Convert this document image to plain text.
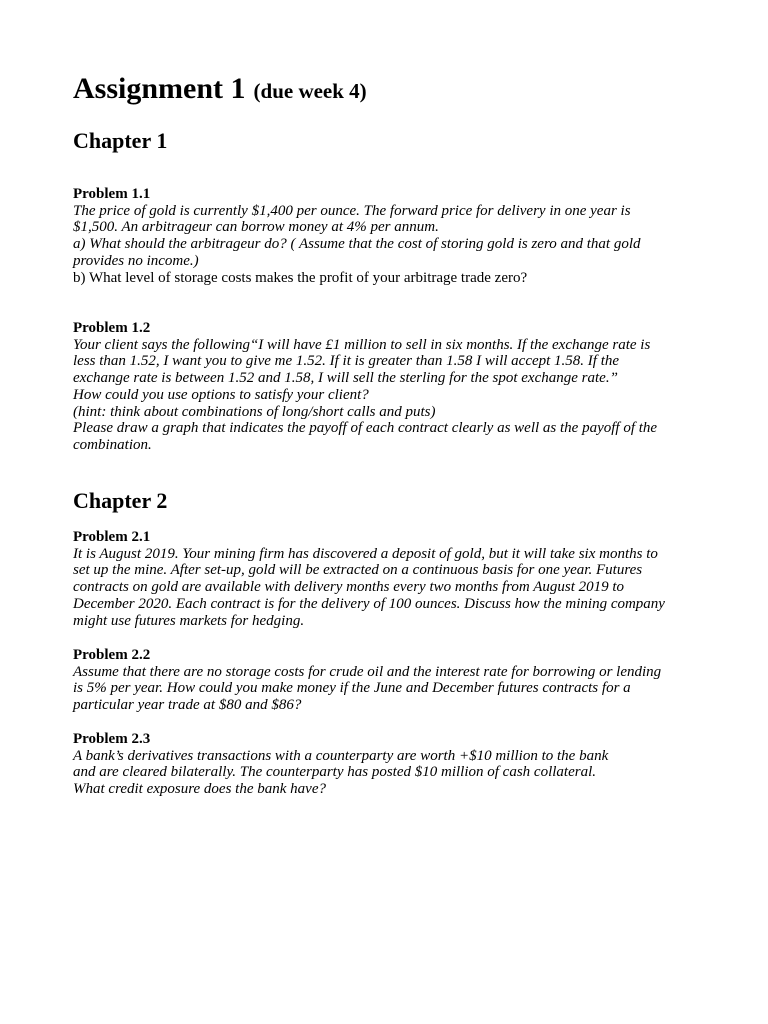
Assignment 1 (due week 4)
Chapter 1
Problem 1.1
The price of gold is currently $1,400 per ounce. The forward price for delivery in one year is
$1,500. An arbitrageur can borrow money at 4% per annum.
a) What should the arbitrageur do? ( Assume that the cost of storing gold is zero and that gold
provides no income.)
b) What level of storage costs makes the profit of your arbitrage trade zero?
Problem 1.2
Your client says the following“I will have £1 million to sell in six months. If the exchange rate is
less than 1.52, I want you to give me 1.52. If it is greater than 1.58 I will accept 1.58. If the
exchange rate is between 1.52 and 1.58, I will sell the sterling for the spot exchange rate.”
How could you use options to satisfy your client?
(hint: think about combinations of long/short calls and puts)
Please draw a graph that indicates the payoff of each contract clearly as well as the payoff of the
combination.
Chapter 2
Problem 2.1
It is August 2019. Your mining firm has discovered a deposit of gold, but it will take six months to
set up the mine. After set-up, gold will be extracted on a continuous basis for one year. Futures
contracts on gold are available with delivery months every two months from August 2019 to
December 2020. Each contract is for the delivery of 100 ounces. Discuss how the mining company
might use futures markets for hedging.
Problem 2.2
Assume that there are no storage costs for crude oil and the interest rate for borrowing or lending
is 5% per year. How could you make money if the June and December futures contracts for a
particular year trade at $80 and $86?
Problem 2.3
A bank’s derivatives transactions with a counterparty are worth +$10 million to the bank
and are cleared bilaterally. The counterparty has posted $10 million of cash collateral.
What credit exposure does the bank have?
